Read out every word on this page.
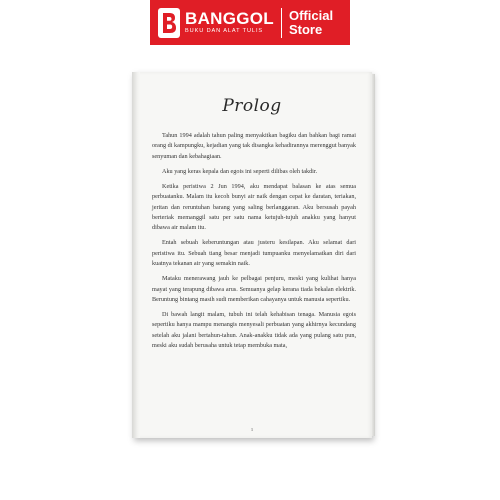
BANGGOL
BUKU DAN ALAT TULIS
Official
Store
Prolog

Tahun 1994 adalah tahun paling menyakitkan bagiku dan bahkan bagi ramai orang di kampungku, kejadian yang tak disangka kehadirannya merenggut banyak senyuman dan kebahagiaan.

Aku yang keras kepala dan egois ini seperti dilibas oleh takdir.

Ketika peristiwa 2 Jun 1994, aku mendapat balasan ke atas semua perbuatanku. Malam itu kecoh bunyi air naik dengan cepat ke daratan, teriakan, jeritan dan reruntuhan barang yang saling berlanggaran. Aku bersusah payah berteriak memanggil satu per satu nama ketujuh-tujuh anakku yang hanyut dibawa air malam itu.

Entah sebuah keberuntungan atau justeru kesilapan. Aku selamat dari peristiwa itu. Sebuah tiang besar menjadi tumpuanku menyelamatkan diri dari kuatnya tekanan air yang semakin naik.

Mataku menerawang jauh ke pelbagai penjuru, meski yang kulihat hanya mayat yang terapung dibawa arus. Semuanya gelap kerana tiada bekalan elektrik. Beruntung bintang masih sudi memberikan cahayanya untuk manusia sepertiku.

Di bawah langit malam, tubuh ini telah kehabisan tenaga. Manusia egois sepertiku hanya mampu menangis menyesali perbuatan yang akhirnya kecundang setelah aku jalani bertahun-tahun. Anak-anakku tidak ada yang pulang satu pun, meski aku sudah berusaha untuk tetap membuka mata,

1
